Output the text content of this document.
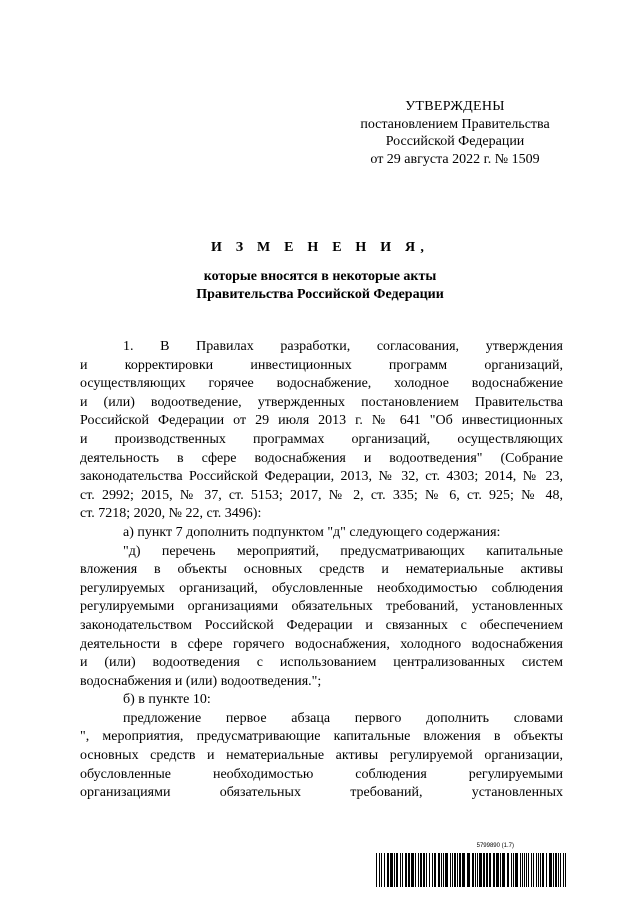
УТВЕРЖДЕНЫ
постановлением Правительства
Российской Федерации
от 29 августа 2022 г. № 1509
И З М Е Н Е Н И Я,
которые вносятся в некоторые акты
Правительства Российской Федерации
1. В Правилах разработки, согласования, утверждения
и корректировки инвестиционных программ организаций,
осуществляющих горячее водоснабжение, холодное водоснабжение
и (или) водоотведение, утвержденных постановлением Правительства
Российской Федерации от 29 июля 2013 г. № 641 "Об инвестиционных
и производственных программах организаций, осуществляющих
деятельность в сфере водоснабжения и водоотведения" (Собрание
законодательства Российской Федерации, 2013, № 32, ст. 4303; 2014, № 23,
ст. 2992; 2015, № 37, ст. 5153; 2017, № 2, ст. 335; № 6, ст. 925; № 48,
ст. 7218; 2020, № 22, ст. 3496):
а) пункт 7 дополнить подпунктом "д" следующего содержания:
"д) перечень мероприятий, предусматривающих капитальные
вложения в объекты основных средств и нематериальные активы
регулируемых организаций, обусловленные необходимостью соблюдения
регулируемыми организациями обязательных требований, установленных
законодательством Российской Федерации и связанных с обеспечением
деятельности в сфере горячего водоснабжения, холодного водоснабжения
и (или) водоотведения с использованием централизованных систем
водоснабжения и (или) водоотведения.";
б) в пункте 10:
предложение первое абзаца первого дополнить словами
", мероприятия, предусматривающие капитальные вложения в объекты
основных средств и нематериальные активы регулируемой организации,
обусловленные необходимостью соблюдения регулируемыми
организациями обязательных требований, установленных
5799890 (1.7)
